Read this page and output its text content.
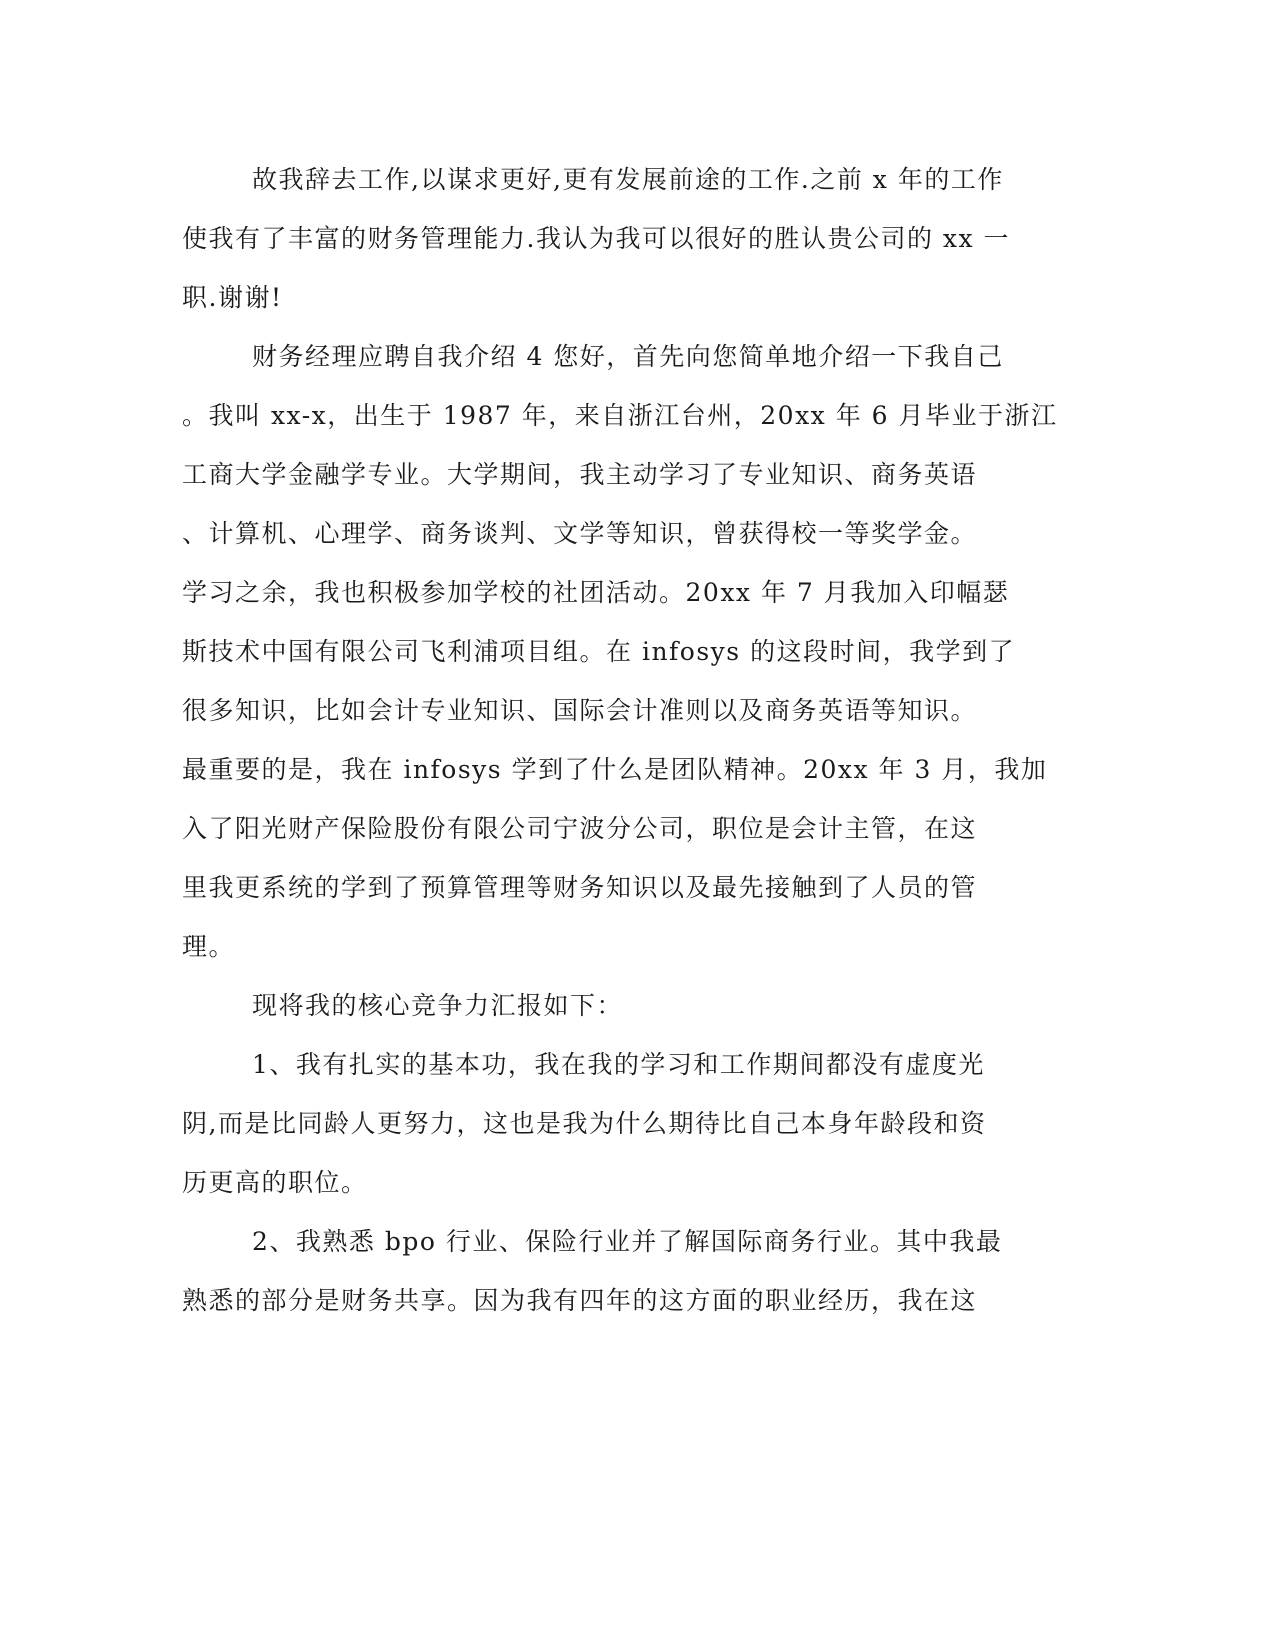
故我辞去工作,以谋求更好,更有发展前途的工作.之前 x 年的工作
使我有了丰富的财务管理能力.我认为我可以很好的胜认贵公司的 xx 一
职.谢谢!
财务经理应聘自我介绍 4 您好，首先向您简单地介绍一下我自己
。我叫 xx-x，出生于 1987 年，来自浙江台州，20xx 年 6 月毕业于浙江
工商大学金融学专业。大学期间，我主动学习了专业知识、商务英语
、计算机、心理学、商务谈判、文学等知识，曾获得校一等奖学金。
学习之余，我也积极参加学校的社团活动。20xx 年 7 月我加入印幅瑟
斯技术中国有限公司飞利浦项目组。在 infosys 的这段时间，我学到了
很多知识，比如会计专业知识、国际会计准则以及商务英语等知识。
最重要的是，我在 infosys 学到了什么是团队精神。20xx 年 3 月，我加
入了阳光财产保险股份有限公司宁波分公司，职位是会计主管，在这
里我更系统的学到了预算管理等财务知识以及最先接触到了人员的管
理。
现将我的核心竞争力汇报如下：
1、我有扎实的基本功，我在我的学习和工作期间都没有虚度光
阴,而是比同龄人更努力，这也是我为什么期待比自己本身年龄段和资
历更高的职位。
2、我熟悉 bpo 行业、保险行业并了解国际商务行业。其中我最
熟悉的部分是财务共享。因为我有四年的这方面的职业经历，我在这
